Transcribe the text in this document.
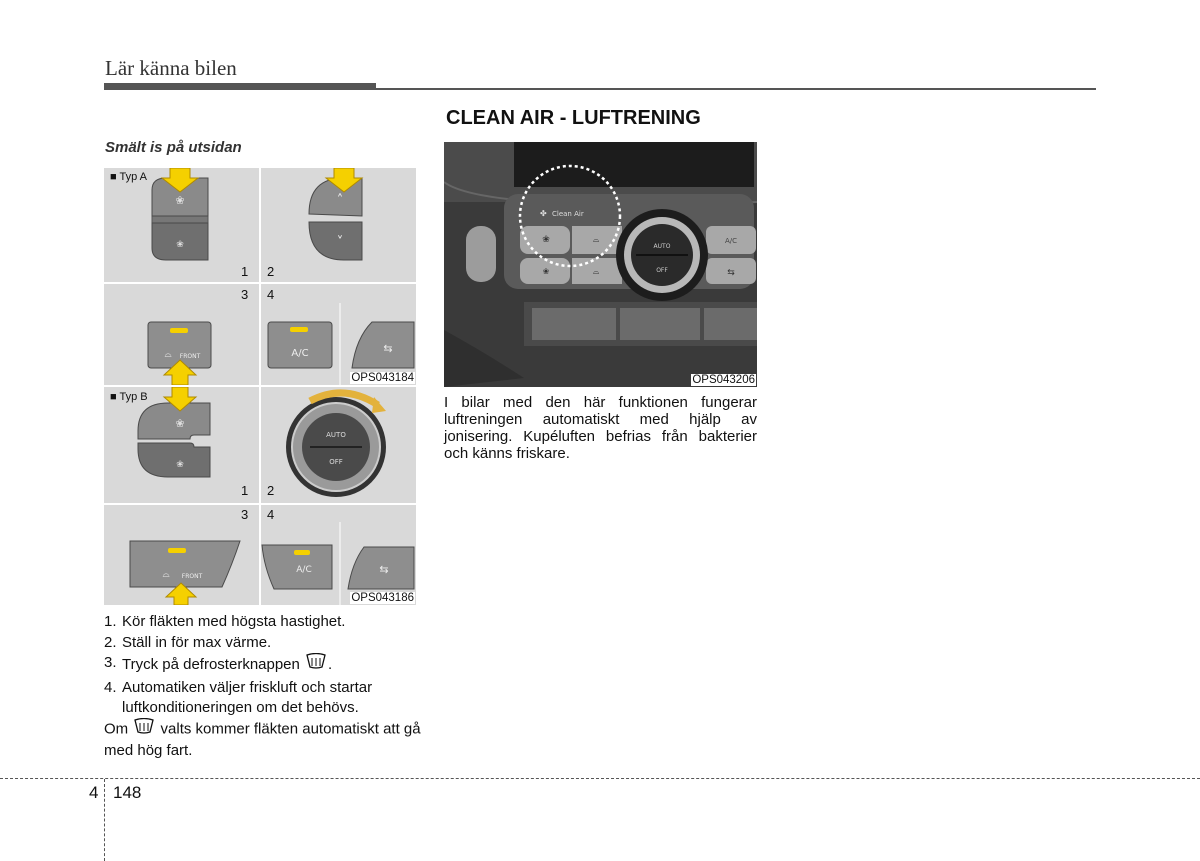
Lär känna bilen
Smält is på utsidan
CLEAN AIR - LUFTRENING
❀
❀
˄
˅
FRONT
⌓	A/C	⇆
■ Typ A
1 2
3 4
OPS043184
❀
❀
AUTO
OFF
FRONT
⌓	A/C	⇆
■ Typ B
1 2
3 4
OPS043186
AUTO
OFF
A/C
❀
❀
⌓
⌓	⇆
Clean Air
✤
OPS043206
I bilar med den här funktionen fungerar luftreningen automatiskt med hjälp av jonisering. Kupéluften befrias från bakterier och känns friskare.
1. Kör fläkten med högsta hastighet.
2. Ställ in för max värme.
3. Tryck på defrosterknappen .
4. Automatiken väljer friskluft och startar luftkonditioneringen om det behövs.
Om valts kommer fläkten automatiskt att gå med hög fart.
4 148
